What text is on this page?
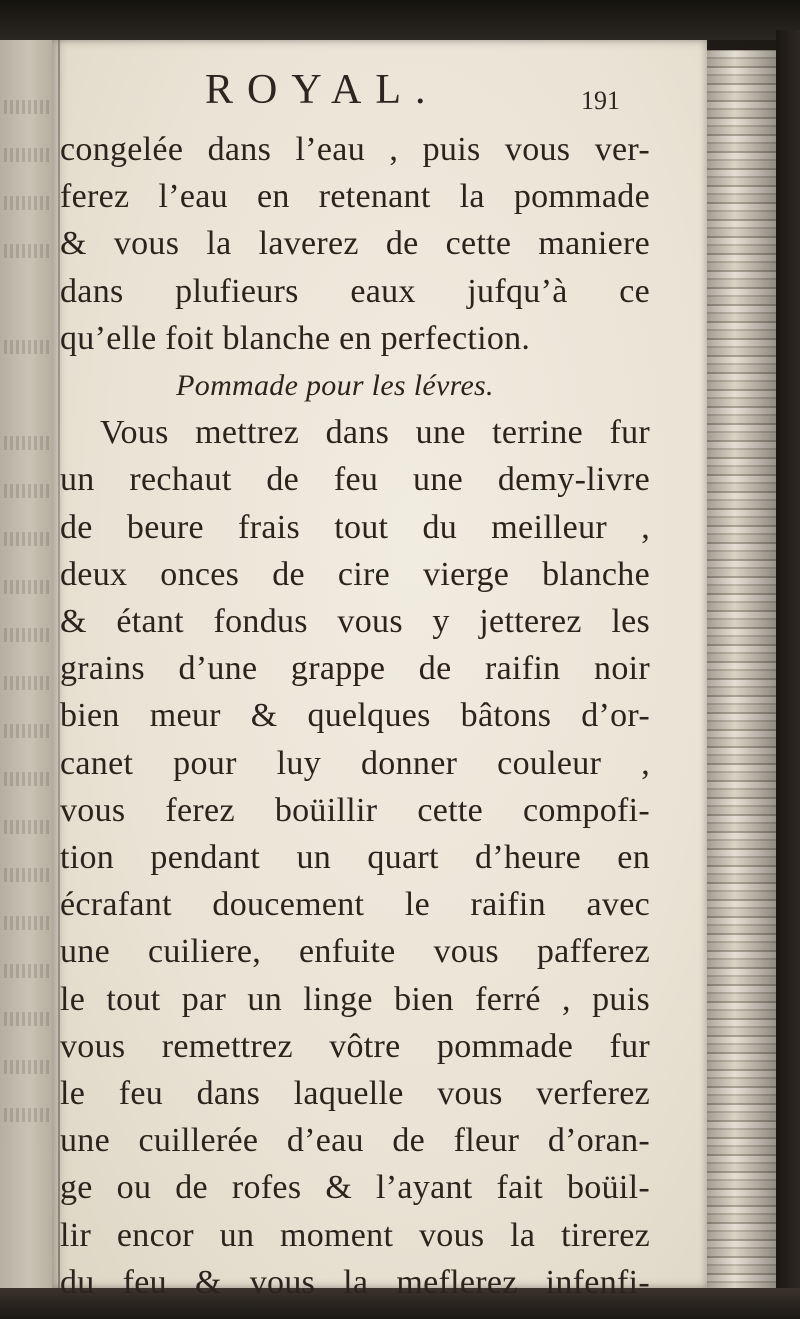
ROYAL.	191
congelée dans l’eau , puis vous ver-
ferez l’eau en retenant la pommade
& vous la laverez de cette maniere
dans plufieurs eaux jufqu’à ce
qu’elle foit blanche en perfection.
Pommade pour les lévres.
Vous mettrez dans une terrine fur
un rechaut de feu une demy-livre
de beure frais tout du meilleur ,
deux onces de cire vierge blanche
& étant fondus vous y jetterez les
grains d’une grappe de raifin noir
bien meur & quelques bâtons d’or-
canet pour luy donner couleur ,
vous ferez boüillir cette compofi-
tion pendant un quart d’heure en
écrafant doucement le raifin avec
une cuiliere, enfuite vous pafferez
le tout par un linge bien ferré , puis
vous remettrez vôtre pommade fur
le feu dans laquelle vous verferez
une cuillerée d’eau de fleur d’oran-
ge ou de rofes & l’ayant fait boüil-
lir encor un moment vous la tirerez
du feu & vous la meflerez infenfi-
